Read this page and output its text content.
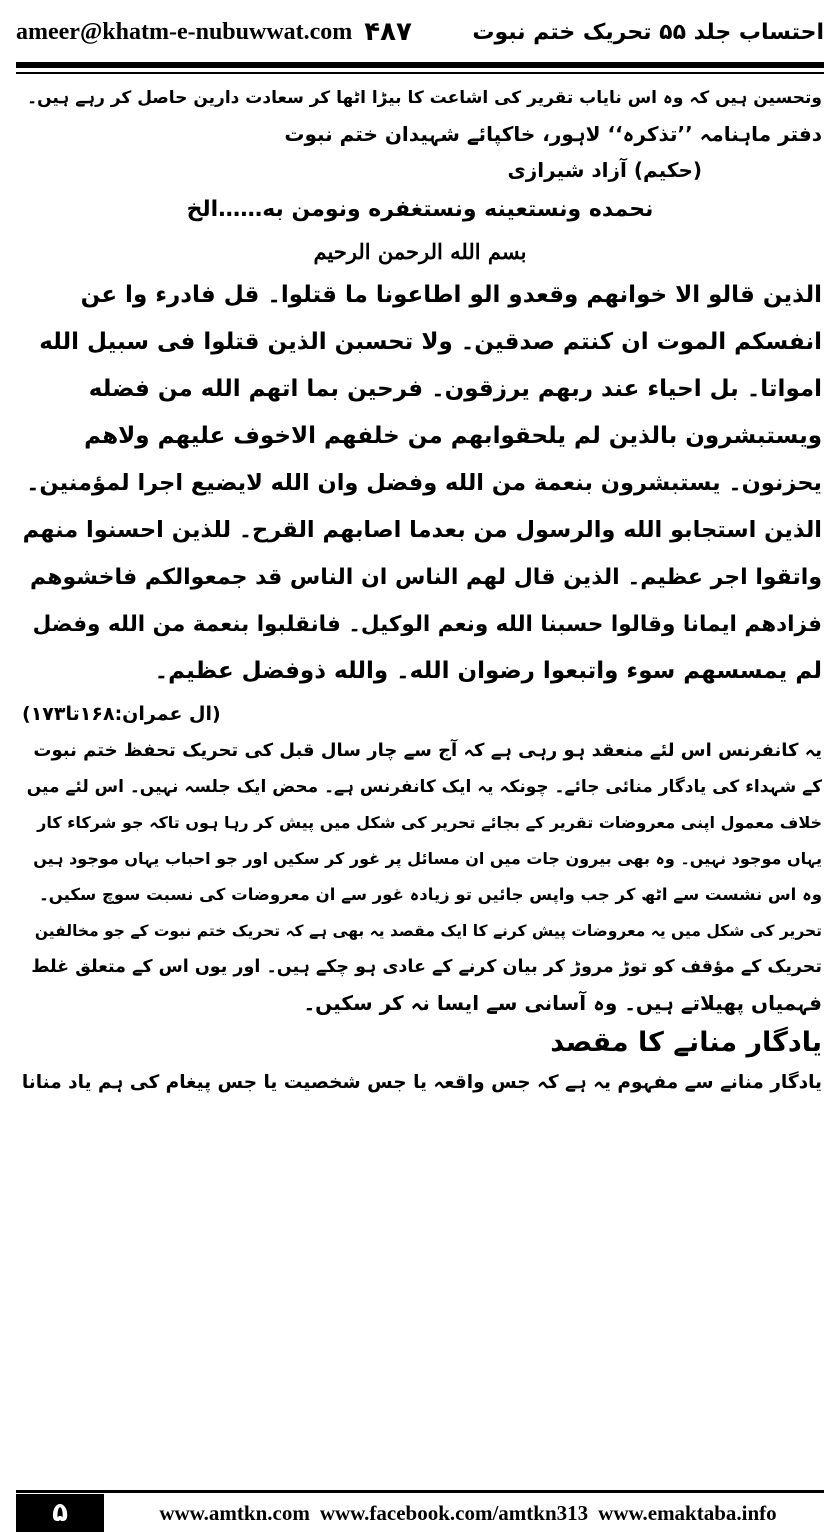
ameer@khatm-e-nubuwwat.com ۴۸۷	احتساب جلد ۵۵ تحریک ختم نبوت
وتحسین ہیں کہ وہ اس نایاب تقریر کی اشاعت کا بیڑا اٹھا کر سعادت دارین حاصل کر رہے ہیں۔
دفتر ماہنامہ ’’تذکرہ‘‘ لاہور، خاکپائے شہیدان ختم نبوت
(حکیم) آزاد شیرازی
نحمده ونستعينه ونستغفره ونومن به……الخ
بسم الله الرحمن الرحيم
الذين قالو الا خوانهم وقعدو الو اطاعونا ما قتلوا۔ قل فادرء وا عن
انفسكم الموت ان كنتم صدقين۔ ولا تحسبن الذين قتلوا فى سبيل الله
امواتا۔ بل احياء عند ربهم يرزقون۔ فرحين بما اتهم الله من فضله
ويستبشرون بالذين لم يلحقوابهم من خلفهم الاخوف عليهم ولاهم
يحزنون۔ يستبشرون بنعمة من الله وفضل وان الله لايضيع اجرا لمؤمنين۔
الذين استجابو الله والرسول من بعدما اصابهم القرح۔ للذين احسنوا منهم
واتقوا اجر عظيم۔ الذين قال لهم الناس ان الناس قد جمعوالكم فاخشوهم
فزادهم ايمانا وقالوا حسبنا الله ونعم الوكيل۔ فانقلبوا بنعمة من الله وفضل
لم يمسسهم سوء واتبعوا رضوان الله۔ والله ذوفضل عظيم۔
(ال عمران:۱۶۸تا۱۷۳)
یہ کانفرنس اس لئے منعقد ہو رہی ہے کہ آج سے چار سال قبل کی تحریک تحفظ ختم نبوت
کے شہداء کی یادگار منائی جائے۔ چونکہ یہ ایک کانفرنس ہے۔ محض ایک جلسہ نہیں۔ اس لئے میں
خلاف معمول اپنی معروضات تقریر کے بجائے تحریر کی شکل میں پیش کر رہا ہوں تاکہ جو شرکاء کار
یہاں موجود نہیں۔ وہ بھی بیرون جات میں ان مسائل پر غور کر سکیں اور جو احباب یہاں موجود ہیں
وہ اس نشست سے اٹھ کر جب واپس جائیں تو زیادہ غور سے ان معروضات کی نسبت سوچ سکیں۔
تحریر کی شکل میں یہ معروضات پیش کرنے کا ایک مقصد یہ بھی ہے کہ تحریک ختم نبوت کے جو مخالفین
تحریک کے مؤقف کو توڑ مروڑ کر بیان کرنے کے عادی ہو چکے ہیں۔ اور یوں اس کے متعلق غلط
فہمیاں پھیلاتے ہیں۔ وہ آسانی سے ایسا نہ کر سکیں۔
یادگار منانے کا مقصد
یادگار منانے سے مفہوم یہ ہے کہ جس واقعہ یا جس شخصیت یا جس پیغام کی ہم یاد منانا
۵	www.amtkn.com www.facebook.com/amtkn313 www.emaktaba.info
